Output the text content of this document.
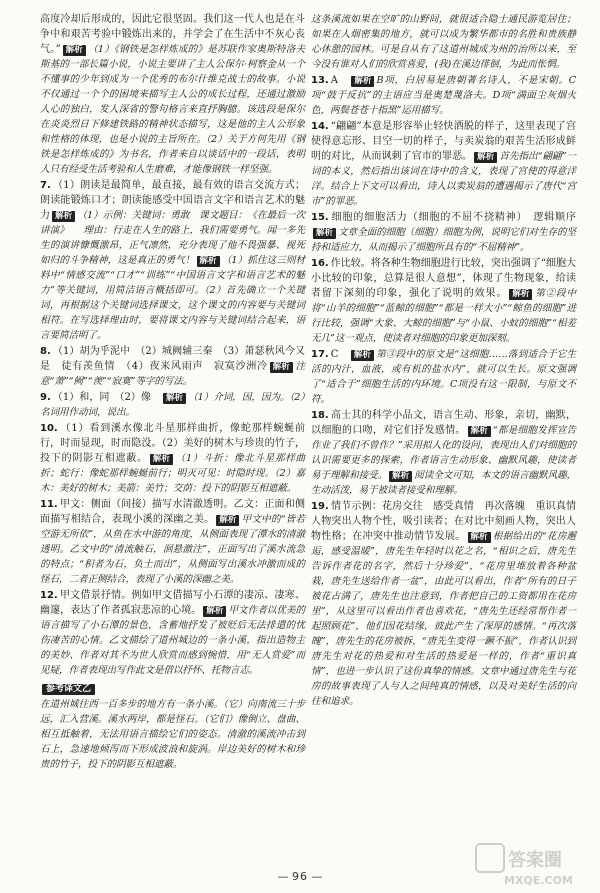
高度冷却后形成的，因此它很坚固。我们这一代人也是在斗争中和艰苦考验中锻炼出来的，并学会了在生活中不灰心丧气。” 解析 （1）《钢铁是怎样炼成的》是苏联作家奥斯特洛夫斯基的一部长篇小说，小说主要讲了主人公保尔·柯察金从一个不懂事的少年到成为一个优秀的布尔什维克战士的故事。小说不仅通过一个个的困境来描写主人公的成长过程，还通过激励人心的独白，发人深省的警句格言来直抒胸臆。该选段是保尔在炎炎烈日下修建铁路的精神状态描写，这是他的主人公形象和性格的体现，也是小说的主旨所在。（2）关于方何先用《钢铁是怎样炼成的》为书名，作者来自以谈话中的一段话，表明人只有经受生活考验和人生磨难，才能像钢铁一样坚强。
7. （1）朗读是最简单，最直接，最有效的语言交流方式；朗读能锻炼口才；朗读能感受中国语言文字和语言艺术的魅力 解析 （1）示例：关键词：勇敢　课文题目：《在最后一次讲演》　　理由：行走在人生的路上，我们需要勇气。闻一多先生的演讲慷慨激昂，正气凛然，充分表现了他不畏强暴、视死如归的斗争精神，这是真正的勇气！ 解析 （1）抓住这三则材料中“情感交流”“口才”“训练”“中国语言文字和语言艺术的魅力”等关键词，用简洁语言概括即可。（2）首先确立一个关键词，再根据这个关键词选择课文，这个课文的内容要与关键词相符。在写选择理由时，要将课文内容与关键词结合起来，语言要简洁明了。
8. （1）胡为乎泥中　（2）城阙辅三秦　（3）萧瑟秋风今又是　徒有羡鱼情　（4）夜来风雨声　寂寞沙洲冷 解析 注意“萧”“阙”“羡”“寂寞”等字的写法。
9. （1）和，同　（2）像　解析 （1）介词，因，因为。（2）名词用作动词，说出。
10. （1）看到溪水像北斗星那样曲折，像蛇那样蜿蜒前行，时而显现，时而隐没。（2）美好的树木与珍贵的竹子，投下的阴影互相遮蔽。 解析 （1）斗折：像北斗星那样曲折；蛇行：像蛇那样蜿蜒前行；明灭可见：时隐时现。（2）嘉木：美好的树木；美箭：美竹；交荫：投下的阴影互相遮蔽。
11. 甲文：侧面（间接）描写水清澈透明。乙文：正面和侧面描写相结合，表现小溪的深幽之美。 解析 甲文中的“皆若空游无所依”，从鱼在水中游的角度，从侧面表现了潭水的清澈透明。乙文中的“清流触石，洄悬激注”，正面写出了溪水流急的特点；“积者为石，负土而出”，从侧面写出溪水冲激而成的怪石，二者正侧结合，表现了小溪的深幽之美。
12. 甲文借景抒情。例如甲文借描写小石潭的凄凉、凄寒、幽邃，表达了作者孤寂悲凉的心境。 解析 甲文作者以优美的语言描写了小石潭的景色，含蓄地抒发了被贬后无法排遣的忧伤凄苦的心情。乙文描绘了道州城边的一条小溪，指出造物主的美妙、作者对其不为世人欣赏而感到惋惜，用“无人赏爱”而见疑，作者表现出写作此文是借以抒怀、托物言志。
参考译文乙
在道州城往西一百多步的地方有一条小溪。（它）向南流三十步远，汇入营溪。溪水两岸，都是怪石。（它们）像倒立、盘曲、相互抵触着，无法用语言描绘它们的姿态。清澈的溪流冲击到石上，急速地倾泻而下形成波浪和旋涡。岸边美好的树木和珍贵的竹子，投下的阴影互相遮蔽。
这条溪流如果在空旷的山野间，就很适合隐士通民游览居住；如果在人烟密集的地方，就可以成为繁华都市的名胜和贵族静心休憩的园林。可是自从有了这道州城成为州的治所以来，至今没有谁对人们的欣赏喜爱，(我)在溪边徘徊，为此而怅惘。
13. A　解析 B项，白居易是唐朝著名诗人，不是宋朝。C项“鼓于反抗”的主语应当是奥楚蔑洛夫。D项“满面尘灰烟火色，两鬓苍苍十指黑”运用描写。
14. “翩翩”本意是形容举止轻快洒脱的样子，这里表现了宫使得意忘形、目空一切的样子，与卖炭翁的艰苦生活形成鲜明的对比，从而讽刺了官市的罪恶。 解析 首先指出“翩翩”一词的本义，然后指出该词在诗中的含义，表现了宫使的得意洋洋。结合上下文可以看出，诗人以卖炭翁的遭遇揭示了唐代“宫市”的罪恶。
15. 细胞的细胞活力（细胞的不屈不挠精神）　逻辑顺序解析 文章全面的细胞（细胞）细胞为例，说明它们对生存的坚持和适应力，从而揭示了细胞所具有的“不屈精神”。
16. 作比较。将各种生物细胞进行比较，突出强调了“细胞大小比较的印象，总算是很人意想”，体现了生物现象，给读者留下深刻的印象，强化了说明的效果。 解析 第②段中将“山羊的细胞”“蓝鲸的细胞”“都是一样大小”“鲸鱼的细胞”进行比较，强调“大象、大鲸的细胞”与“小鼠、小蚊的细胞”“相差无几”这一观点，使读者对细胞的印象更加深刻。
17. C　解析 第③段中的原文是“这细胞……落到适合于它生活的内汁，血液，或有机的盐水内”，就可以生长。原文强调了“适合于”细胞生活的内环境。C项没有这一限制，与原文不符。
18. 高士其的科学小品文，语言生动、形象，亲切，幽默，以细胞的口吻，对它们抒发感情。 解析 “都是细胞发挥宣告作业了我们不曾作？”采用拟人化的设问，表现出人们对细胞的认识需要更多的探索，作者语言生动形象、幽默风趣，使读者易于理解和接受。 解析 阅读全文可知，本文的语言幽默风趣，生动活泼，易于被读者接受和理解。
19. 情节示例：花房交往　感受真情　再次落魄　重识真情　人物突出人物个性，吸引读者；在对比中刻画人物，突出人物性格；在冲突中推动情节发展。 解析 根据给出的“花房邂逅，感受温暖”，唐先生年轻时以花之名，“相识之后，唐先生告诉作者花的名字，然后十分珍爱”，“花房里堆放着各种盆栽，唐先生送给作者一盆”，由此可以看出，作者“所有的日子被花占满了，唐先生也注意到，作者把自己的工资都用在花房里”，从这里可以看出作者也喜欢花，“唐先生还经常帮作者一起照顾花”，他们因花结缘，彼此产生了深厚的感情。“再次落魄”，唐先生的花房被拆，“唐先生变得一蹶不振”，作者认识到唐先生对花的热爱和对生活的热爱是一样的，作者“重识真情”，也进一步认识了这份真挚的情感。文章中通过唐先生与花房的故事表现了人与人之间纯真的情感，以及对美好生活的向往和追求。
— 96 —
答案圈
MXQE.COM
